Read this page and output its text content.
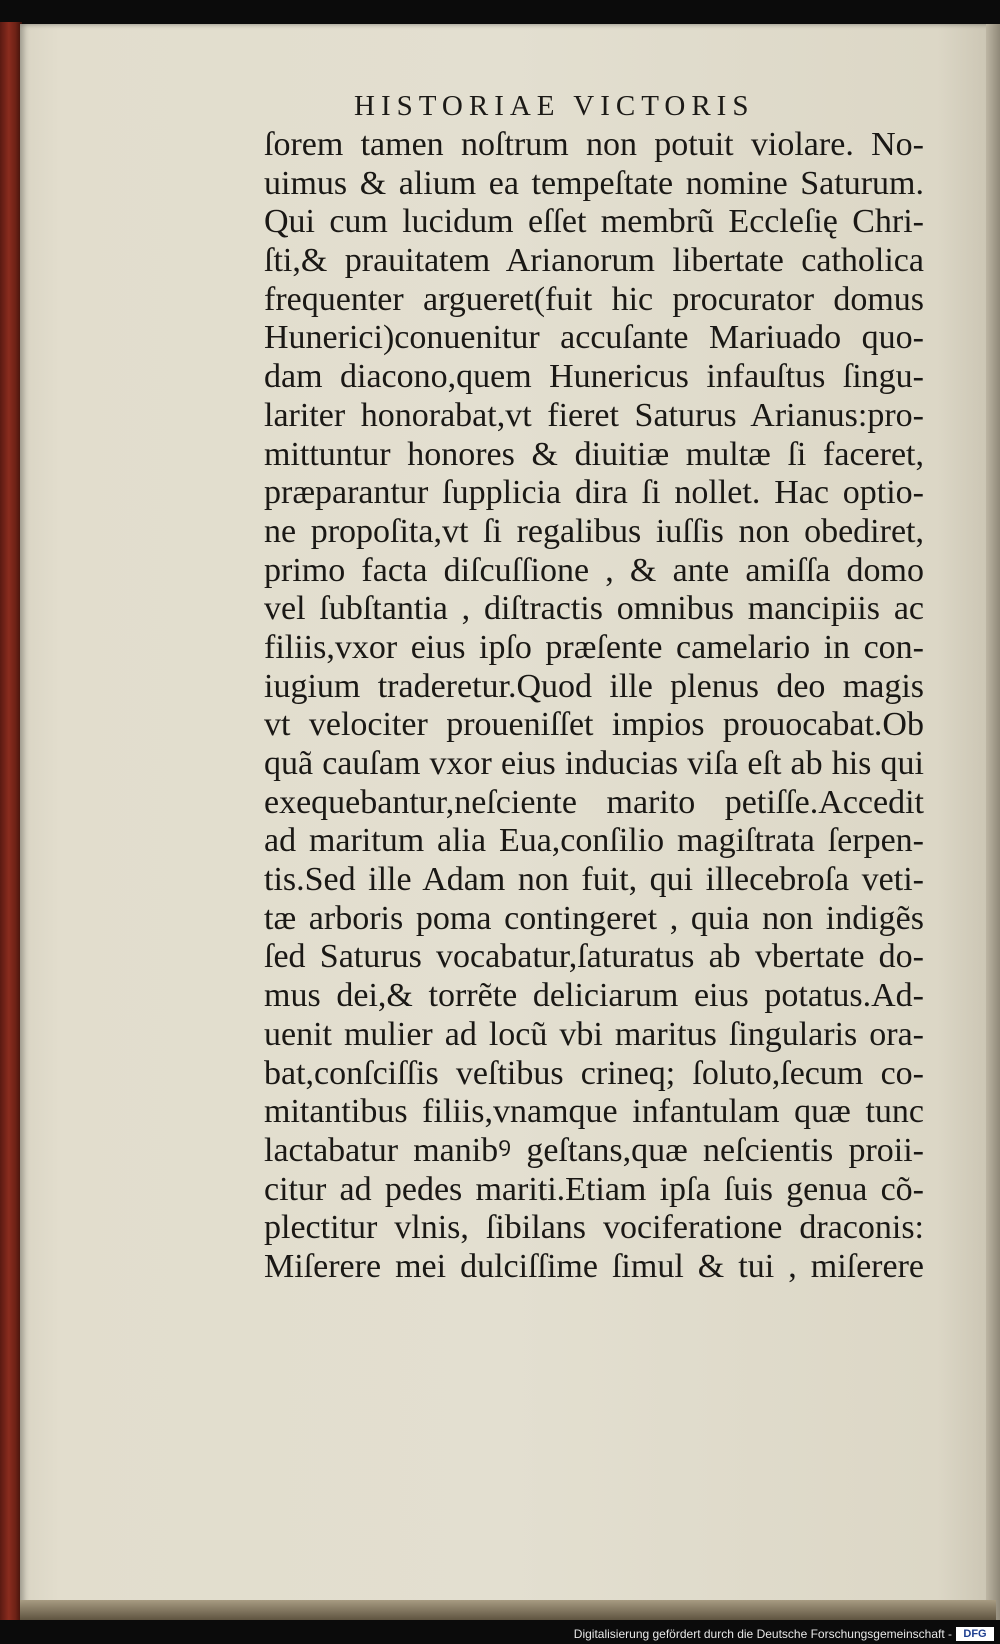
HISTORIAE VICTORIS
ſorem tamen noſtrum non potuit violare. No-
uimus & alium ea tempeſtate nomine Saturum.
Qui cum lucidum eſſet membrũ Eccleſię Chri-
ſti,& prauitatem Arianorum libertate catholica
frequenter argueret(fuit hic procurator domus
Hunerici)conuenitur accuſante Mariuado quo-
dam diacono,quem Hunericus infauſtus ſingu-
lariter honorabat,vt fieret Saturus Arianus:pro-
mittuntur honores & diuitiæ multæ ſi faceret,
præparantur ſupplicia dira ſi nollet. Hac optio-
ne propoſita,vt ſi regalibus iuſſis non obediret,
primo facta diſcuſſione , & ante amiſſa domo
vel ſubſtantia , diſtractis omnibus mancipiis ac
filiis,vxor eius ipſo præſente camelario in con-
iugium traderetur.Quod ille plenus deo magis
vt velociter proueniſſet impios prouocabat.Ob
quã cauſam vxor eius inducias viſa eſt ab his qui
exequebantur,neſciente marito petiſſe.Accedit
ad maritum alia Eua,conſilio magiſtrata ſerpen-
tis.Sed ille Adam non fuit, qui illecebroſa veti-
tæ arboris poma contingeret , quia non indigẽs
ſed Saturus vocabatur,ſaturatus ab vbertate do-
mus dei,& torrẽte deliciarum eius potatus.Ad-
uenit mulier ad locũ vbi maritus ſingularis ora-
bat,conſciſſis veſtibus crineq; ſoluto,ſecum co-
mitantibus filiis,vnamque infantulam quæ tunc
lactabatur manibꝰ geſtans,quæ neſcientis proii-
citur ad pedes mariti.Etiam ipſa ſuis genua cõ-
plectitur vlnis, ſibilans vociferatione draconis:
Miſerere mei dulciſſime ſimul & tui , miſerere
Digitalisierung gefördert durch die Deutsche Forschungsgemeinschaft -	DFG
